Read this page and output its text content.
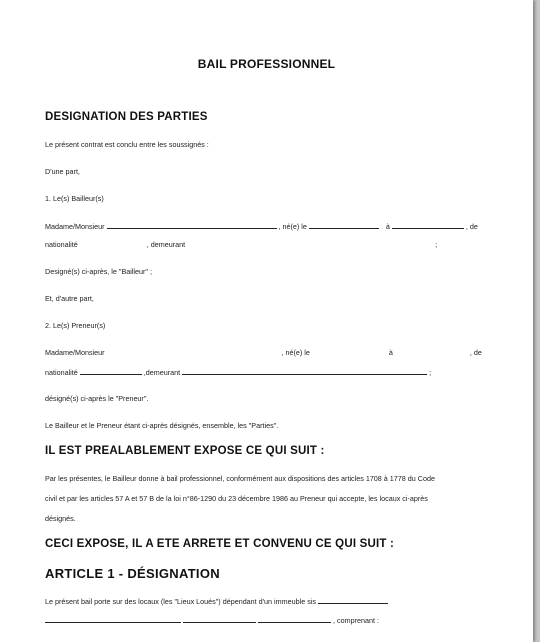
BAIL PROFESSIONNEL
DESIGNATION DES PARTIES
Le présent contrat est conclu entre les soussignés :
D'une part,
1. Le(s) Bailleur(s)
Madame/Monsieur	, né(e) le	à	, de
nationalité	, demeurant	;
Designé(s) ci-après, le "Bailleur" ;
Et, d'autre part,
2. Le(s) Preneur(s)
Madame/Monsieur	, né(e) le	à	, de
nationalité	,demeurant	;
désigné(s) ci-après le "Preneur".
Le Bailleur et le Preneur étant ci-après désignés, ensemble, les "Parties".
IL EST PREALABLEMENT EXPOSE CE QUI SUIT :
Par les présentes, le Bailleur donne à bail professionnel, conformément aux dispositions des articles 1708 à 1778 du Code
civil et par les articles 57 A et 57 B de la loi n°86-1290 du 23 décembre 1986 au Preneur qui accepte, les locaux ci-après
désignés.
CECI EXPOSE, IL A ETE ARRETE ET CONVENU CE QUI SUIT :
ARTICLE 1 - DÉSIGNATION
Le présent bail porte sur des locaux (les "Lieux Loués") dépendant d'un immeuble sis
, comprenant :
